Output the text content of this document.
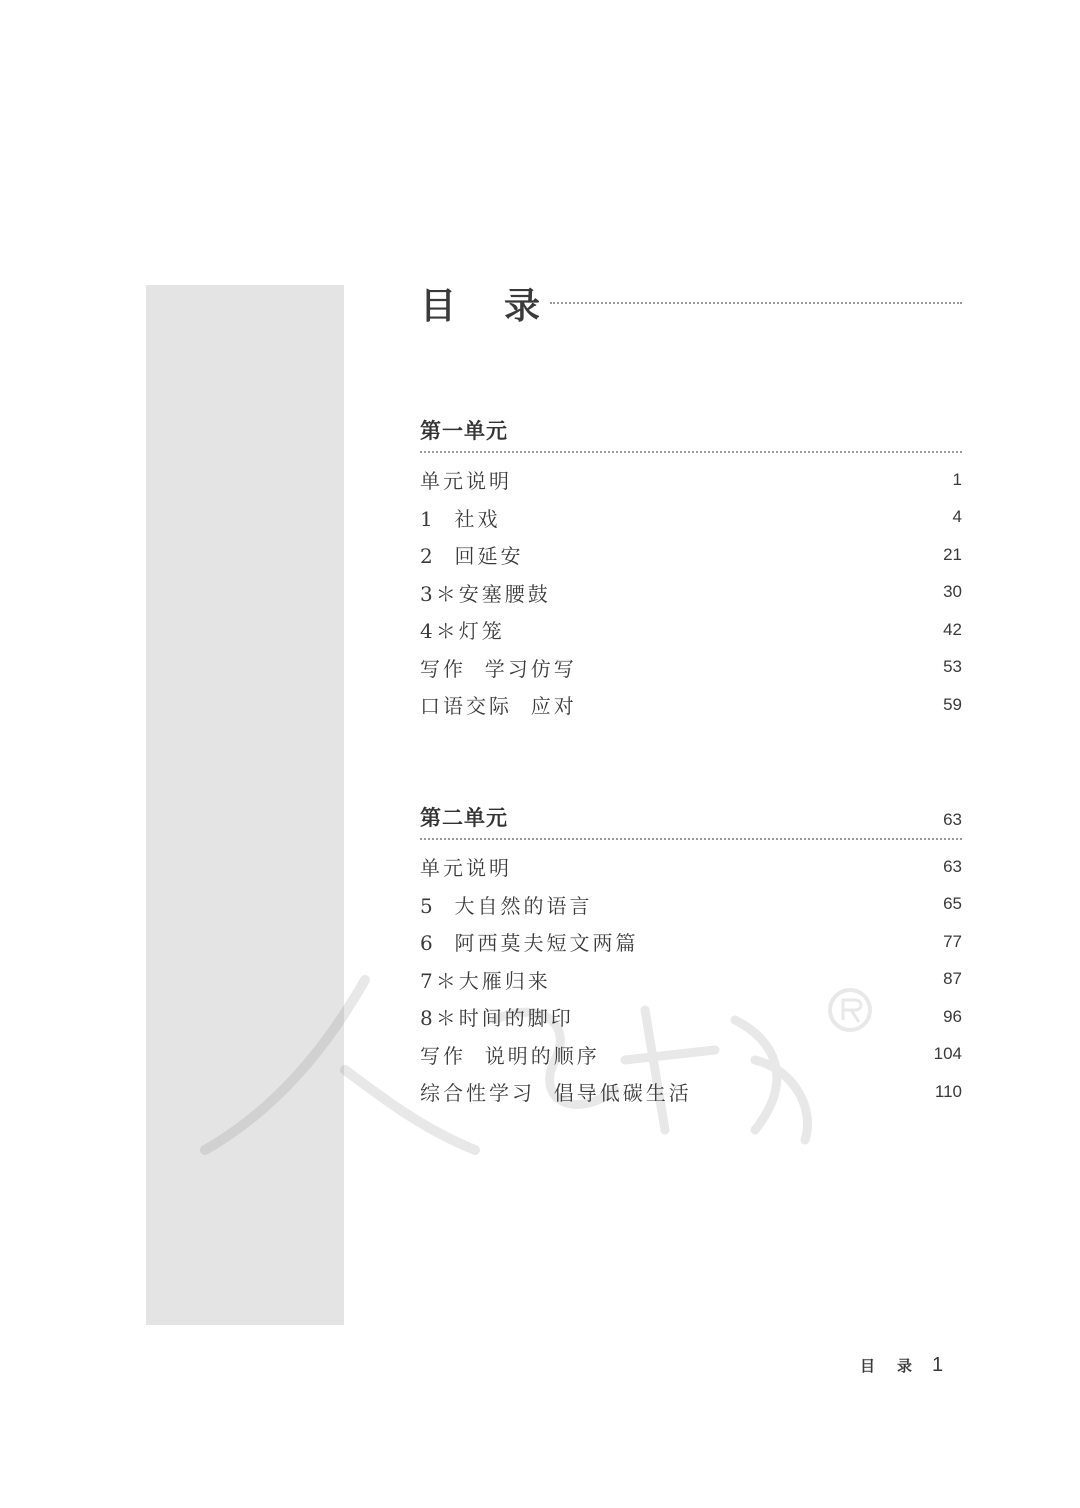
目录
第一单元
单元说明	1
1  社戏	4
2  回延安	21
3＊安塞腰鼓	30
4＊灯笼	42
写作  学习仿写	53
口语交际  应对	59
第二单元	63
单元说明	63
5  大自然的语言	65
6  阿西莫夫短文两篇	77
7＊大雁归来	87
8＊时间的脚印	96
写作  说明的顺序	104
综合性学习  倡导低碳生活	110
目录
1
